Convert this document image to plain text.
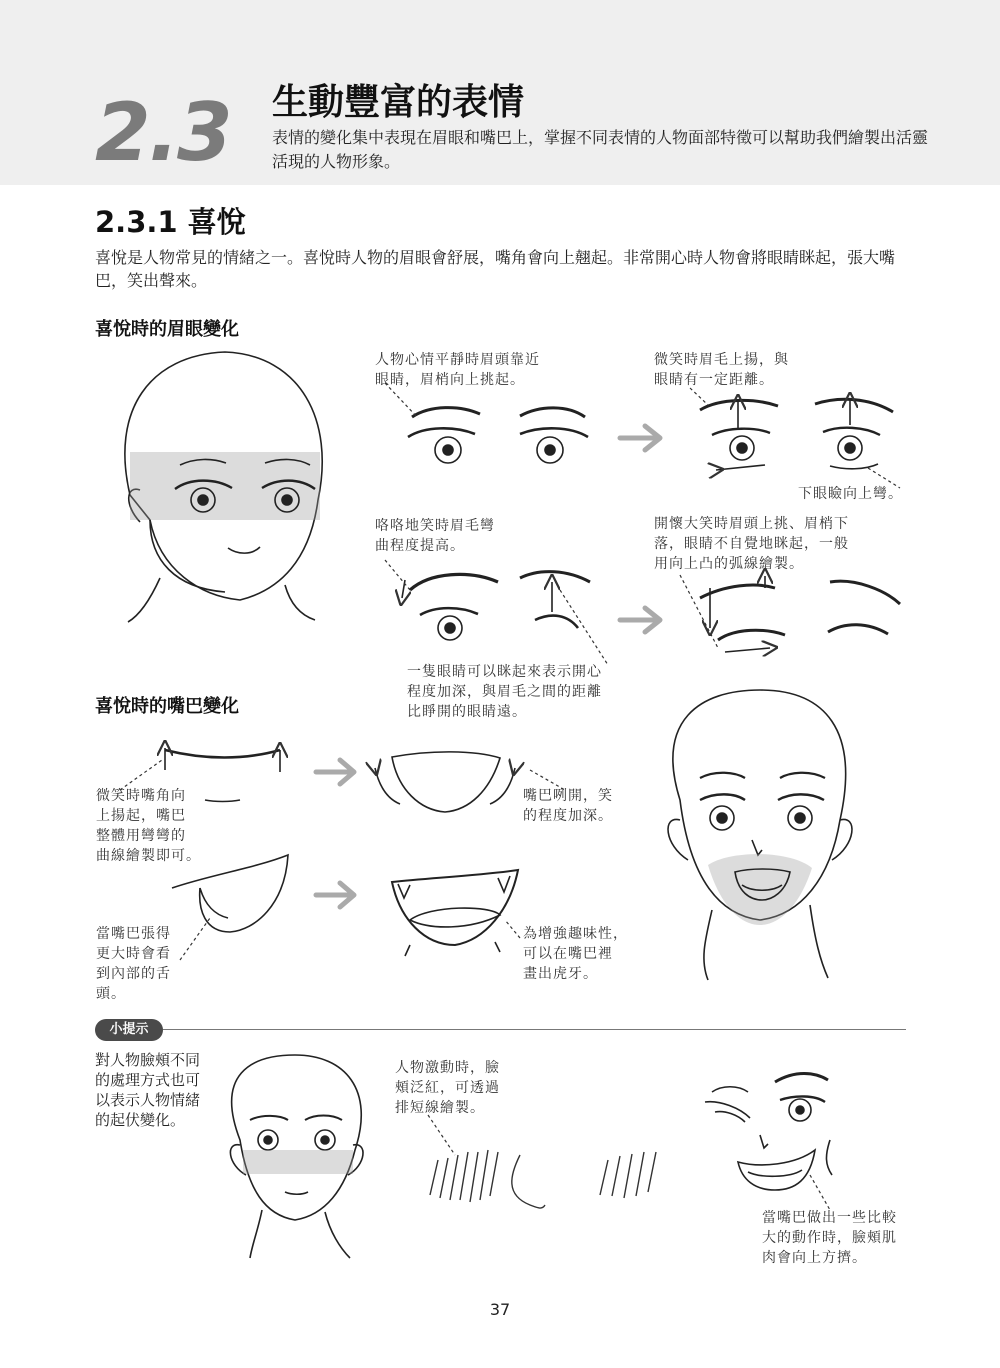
2.3 生動豐富的表情
表情的變化集中表現在眉眼和嘴巴上，掌握不同表情的人物面部特徵可以幫助我們繪製出活靈活現的人物形象。
2.3.1 喜悅
喜悅是人物常見的情緒之一。喜悅時人物的眉眼會舒展，嘴角會向上翹起。非常開心時人物會將眼睛眯起，張大嘴巴，笑出聲來。
喜悅時的眉眼變化
喜悅時的嘴巴變化
人物心情平靜時眉頭靠近
眼睛，眉梢向上挑起。
微笑時眉毛上揚，與
眼睛有一定距離。
下眼瞼向上彎。
咯咯地笑時眉毛彎
曲程度提高。
開懷大笑時眉頭上挑、眉梢下
落，眼睛不自覺地眯起，一般
用向上凸的弧線繪製。
一隻眼睛可以眯起來表示開心
程度加深，與眉毛之間的距離
比睜開的眼睛遠。
微笑時嘴角向
上揚起，嘴巴
整體用彎彎的
曲線繪製即可。
嘴巴咧開，笑
的程度加深。
當嘴巴張得
更大時會看
到內部的舌
頭。
為增強趣味性，
可以在嘴巴裡
畫出虎牙。
小提示
對人物臉頰不同的處理方式也可以表示人物情緒的起伏變化。
人物激動時，臉
頰泛紅，可透過
排短線繪製。
當嘴巴做出一些比較
大的動作時，臉頰肌
肉會向上方擠。
37
